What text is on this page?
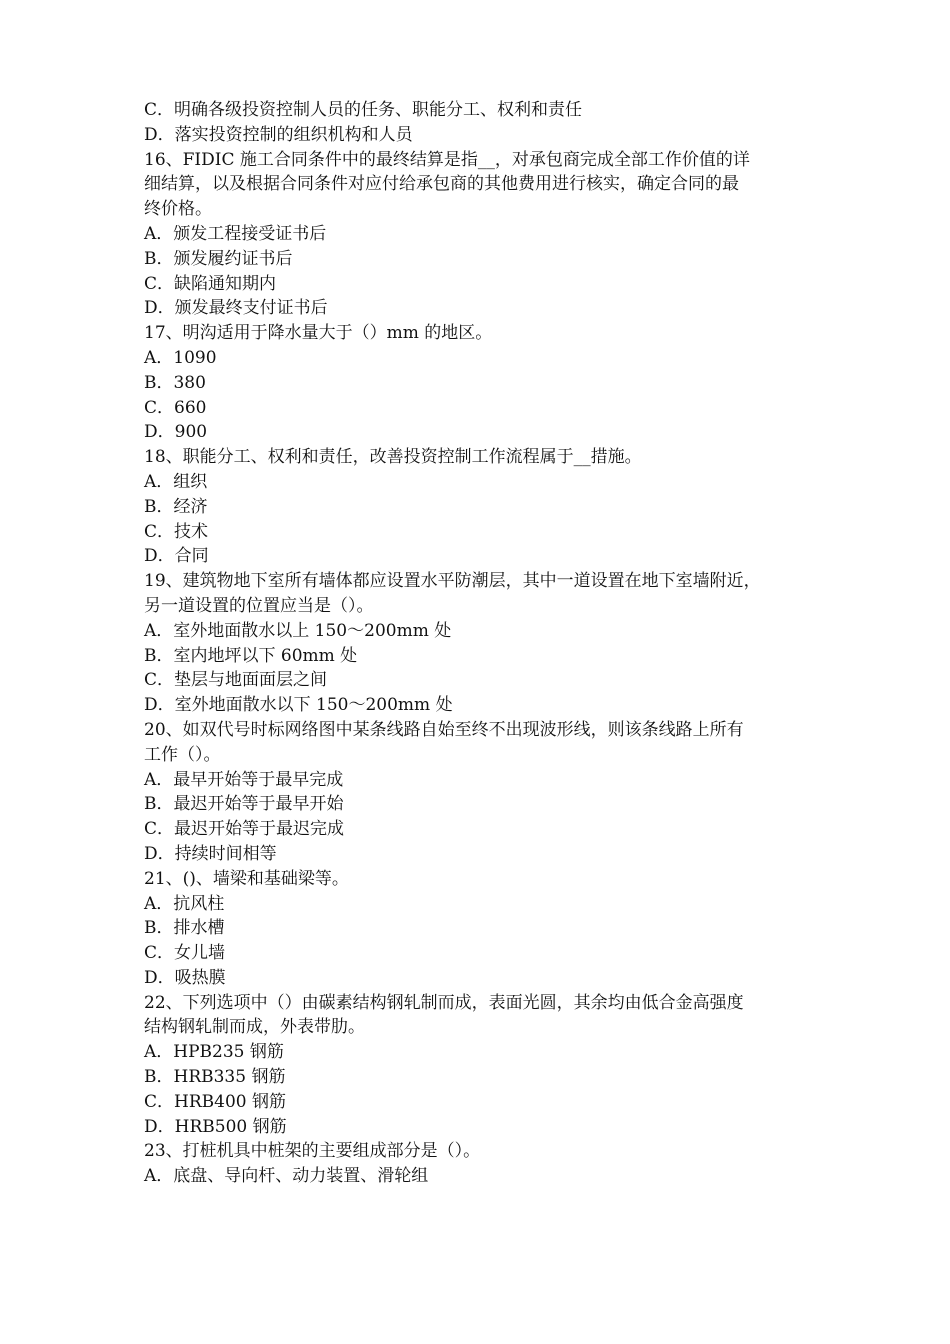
C．明确各级投资控制人员的任务、职能分工、权利和责任
D．落实投资控制的组织机构和人员
16、FIDIC 施工合同条件中的最终结算是指__，对承包商完成全部工作价值的详
细结算，以及根据合同条件对应付给承包商的其他费用进行核实，确定合同的最
终价格。
A．颁发工程接受证书后
B．颁发履约证书后
C．缺陷通知期内
D．颁发最终支付证书后
17、明沟适用于降水量大于（）mm 的地区。
A．1090
B．380
C．660
D．900
18、职能分工、权利和责任，改善投资控制工作流程属于__措施。
A．组织
B．经济
C．技术
D．合同
19、建筑物地下室所有墙体都应设置水平防潮层，其中一道设置在地下室墙附近，
另一道设置的位置应当是（）。
A．室外地面散水以上 150～200mm 处
B．室内地坪以下 60mm 处
C．垫层与地面面层之间
D．室外地面散水以下 150～200mm 处
20、如双代号时标网络图中某条线路自始至终不出现波形线，则该条线路上所有
工作（）。
A．最早开始等于最早完成
B．最迟开始等于最早开始
C．最迟开始等于最迟完成
D．持续时间相等
21、()、墙梁和基础梁等。
A．抗风柱
B．排水槽
C．女儿墙
D．吸热膜
22、下列选项中（）由碳素结构钢轧制而成，表面光圆，其余均由低合金高强度
结构钢轧制而成，外表带肋。
A．HPB235 钢筋
B．HRB335 钢筋
C．HRB400 钢筋
D．HRB500 钢筋
23、打桩机具中桩架的主要组成部分是（）。
A．底盘、导向杆、动力装置、滑轮组
